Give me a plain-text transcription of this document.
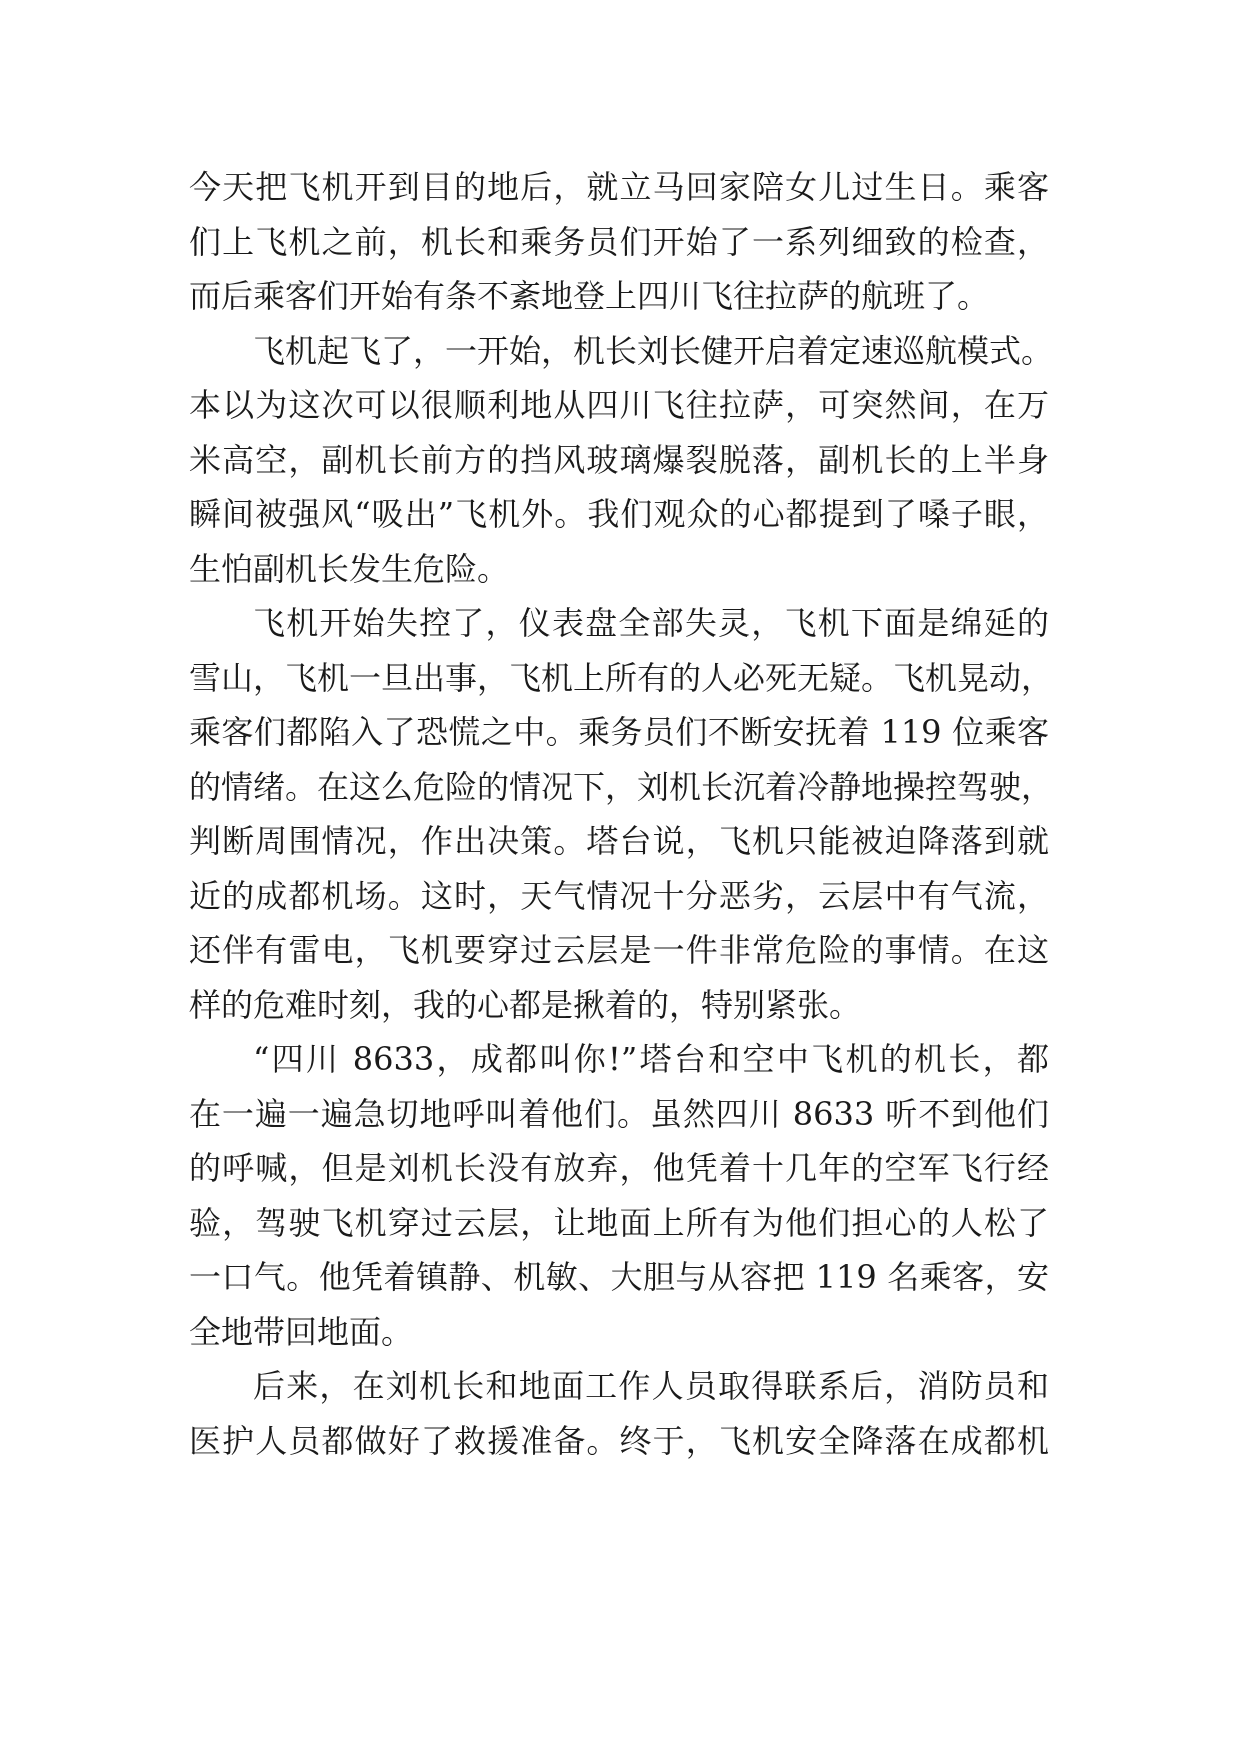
今天把飞机开到目的地后，就立马回家陪女儿过生日。乘客
们上飞机之前，机长和乘务员们开始了一系列细致的检查，
而后乘客们开始有条不紊地登上四川飞往拉萨的航班了。
飞机起飞了，一开始，机长刘长健开启着定速巡航模式。
本以为这次可以很顺利地从四川飞往拉萨，可突然间，在万
米高空，副机长前方的挡风玻璃爆裂脱落，副机长的上半身
瞬间被强风“吸出”飞机外。我们观众的心都提到了嗓子眼，
生怕副机长发生危险。
飞机开始失控了，仪表盘全部失灵，飞机下面是绵延的
雪山，飞机一旦出事，飞机上所有的人必死无疑。飞机晃动，
乘客们都陷入了恐慌之中。乘务员们不断安抚着 119 位乘客
的情绪。在这么危险的情况下，刘机长沉着冷静地操控驾驶，
判断周围情况，作出决策。塔台说，飞机只能被迫降落到就
近的成都机场。这时，天气情况十分恶劣，云层中有气流，
还伴有雷电，飞机要穿过云层是一件非常危险的事情。在这
样的危难时刻，我的心都是揪着的，特别紧张。
“四川 8633，成都叫你!”塔台和空中飞机的机长，都
在一遍一遍急切地呼叫着他们。虽然四川 8633 听不到他们
的呼喊，但是刘机长没有放弃，他凭着十几年的空军飞行经
验，驾驶飞机穿过云层，让地面上所有为他们担心的人松了
一口气。他凭着镇静、机敏、大胆与从容把 119 名乘客，安
全地带回地面。
后来，在刘机长和地面工作人员取得联系后，消防员和
医护人员都做好了救援准备。终于，飞机安全降落在成都机
